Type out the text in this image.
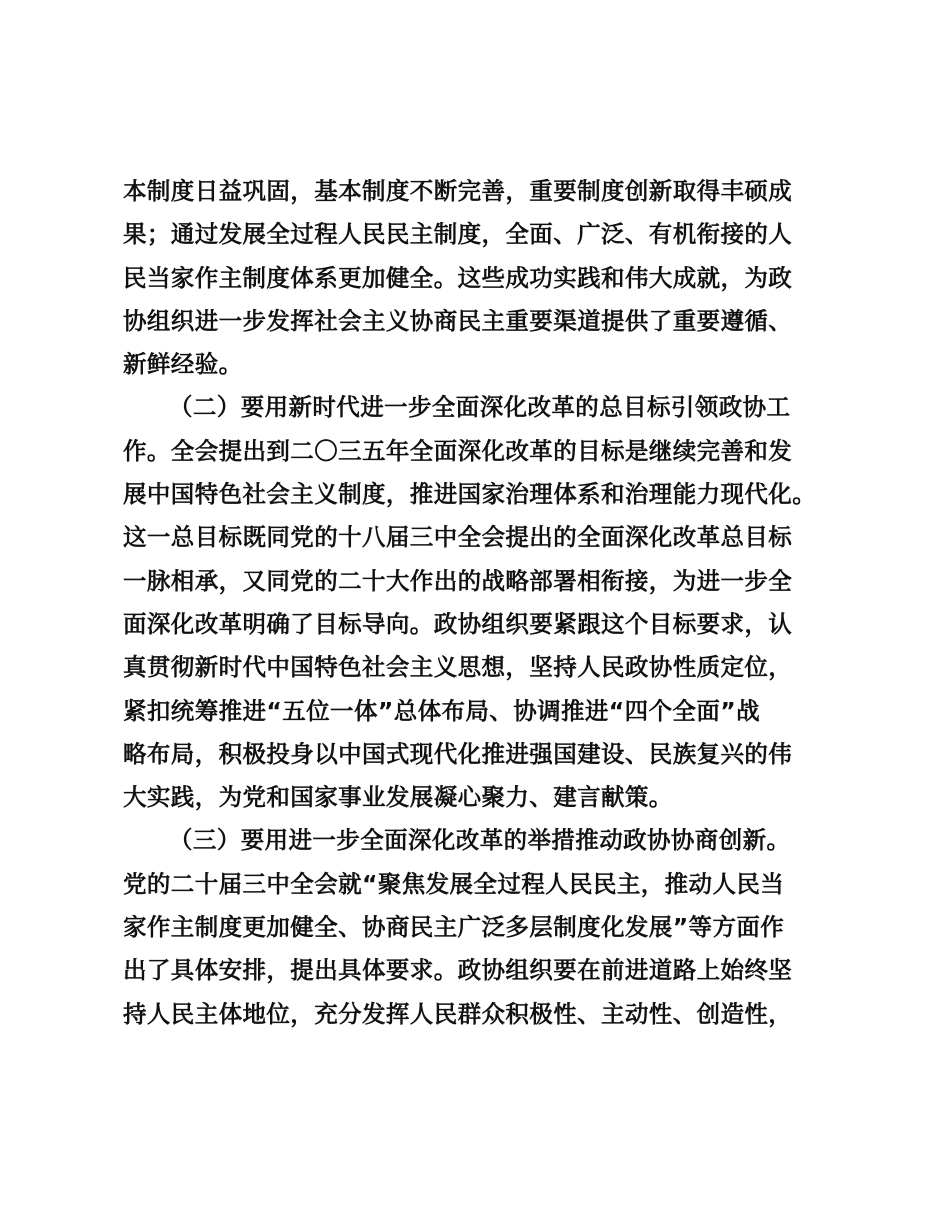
本制度日益巩固，基本制度不断完善，重要制度创新取得丰硕成
果；通过发展全过程人民民主制度，全面、广泛、有机衔接的人
民当家作主制度体系更加健全。这些成功实践和伟大成就，为政
协组织进一步发挥社会主义协商民主重要渠道提供了重要遵循、
新鲜经验。
（二）要用新时代进一步全面深化改革的总目标引领政协工
作。全会提出到二〇三五年全面深化改革的目标是继续完善和发
展中国特色社会主义制度，推进国家治理体系和治理能力现代化。
这一总目标既同党的十八届三中全会提出的全面深化改革总目标
一脉相承，又同党的二十大作出的战略部署相衔接，为进一步全
面深化改革明确了目标导向。政协组织要紧跟这个目标要求，认
真贯彻新时代中国特色社会主义思想，坚持人民政协性质定位，
紧扣统筹推进“五位一体”总体布局、协调推进“四个全面”战
略布局，积极投身以中国式现代化推进强国建设、民族复兴的伟
大实践，为党和国家事业发展凝心聚力、建言献策。
（三）要用进一步全面深化改革的举措推动政协协商创新。
党的二十届三中全会就“聚焦发展全过程人民民主，推动人民当
家作主制度更加健全、协商民主广泛多层制度化发展”等方面作
出了具体安排，提出具体要求。政协组织要在前进道路上始终坚
持人民主体地位，充分发挥人民群众积极性、主动性、创造性，
